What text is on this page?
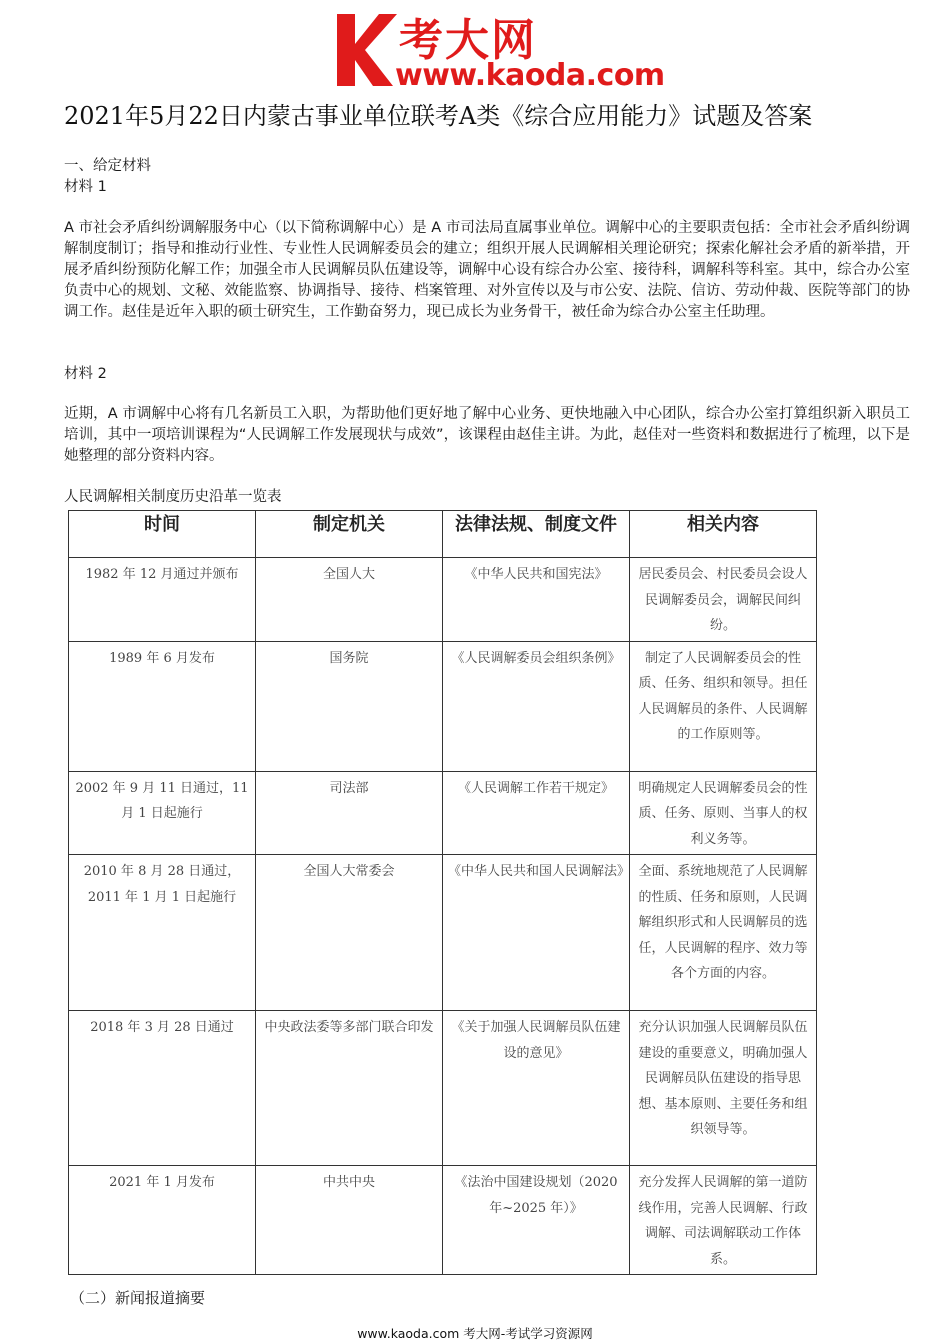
考大网
www.kaoda.com
2021年5月22日内蒙古事业单位联考A类《综合应用能力》试题及答案
一、给定材料
材料 1
A 市社会矛盾纠纷调解服务中心（以下简称调解中心）是 A 市司法局直属事业单位。调解中心的主要职责包括：全市社会矛盾纠纷调解制度制订；指导和推动行业性、专业性人民调解委员会的建立；组织开展人民调解相关理论研究；探索化解社会矛盾的新举措，开展矛盾纠纷预防化解工作；加强全市人民调解员队伍建设等，调解中心设有综合办公室、接待科，调解科等科室。其中，综合办公室负责中心的规划、文秘、效能监察、协调指导、接待、档案管理、对外宣传以及与市公安、法院、信访、劳动仲裁、医院等部门的协调工作。赵佳是近年入职的硕士研究生，工作勤奋努力，现已成长为业务骨干，被任命为综合办公室主任助理。
材料 2
近期，A 市调解中心将有几名新员工入职，为帮助他们更好地了解中心业务、更快地融入中心团队，综合办公室打算组织新入职员工培训，其中一项培训课程为“人民调解工作发展现状与成效”，该课程由赵佳主讲。为此，赵佳对一些资料和数据进行了梳理，以下是她整理的部分资料内容。
人民调解相关制度历史沿革一览表
时间	制定机关	法律法规、制度文件	相关内容
1982 年 12 月通过并颁布	全国人大	《中华人民共和国宪法》	居民委员会、村民委员会设人民调解委员会，调解民间纠纷。
1989 年 6 月发布	国务院	《人民调解委员会组织条例》	制定了人民调解委员会的性质、任务、组织和领导。担任人民调解员的条件、人民调解的工作原则等。
2002 年 9 月 11 日通过，11 月 1 日起施行	司法部	《人民调解工作若干规定》	明确规定人民调解委员会的性质、任务、原则、当事人的权利义务等。
2010 年 8 月 28 日通过，2011 年 1 月 1 日起施行	全国人大常委会	《中华人民共和国人民调解法》	全面、系统地规范了人民调解的性质、任务和原则，人民调解组织形式和人民调解员的选任，人民调解的程序、效力等各个方面的内容。
2018 年 3 月 28 日通过	中央政法委等多部门联合印发	《关于加强人民调解员队伍建设的意见》	充分认识加强人民调解员队伍建设的重要意义，明确加强人民调解员队伍建设的指导思想、基本原则、主要任务和组织领导等。
2021 年 1 月发布	中共中央	《法治中国建设规划（2020 年~2025 年）》	充分发挥人民调解的第一道防线作用，完善人民调解、行政调解、司法调解联动工作体系。
（二）新闻报道摘要
www.kaoda.com 考大网-考试学习资源网
